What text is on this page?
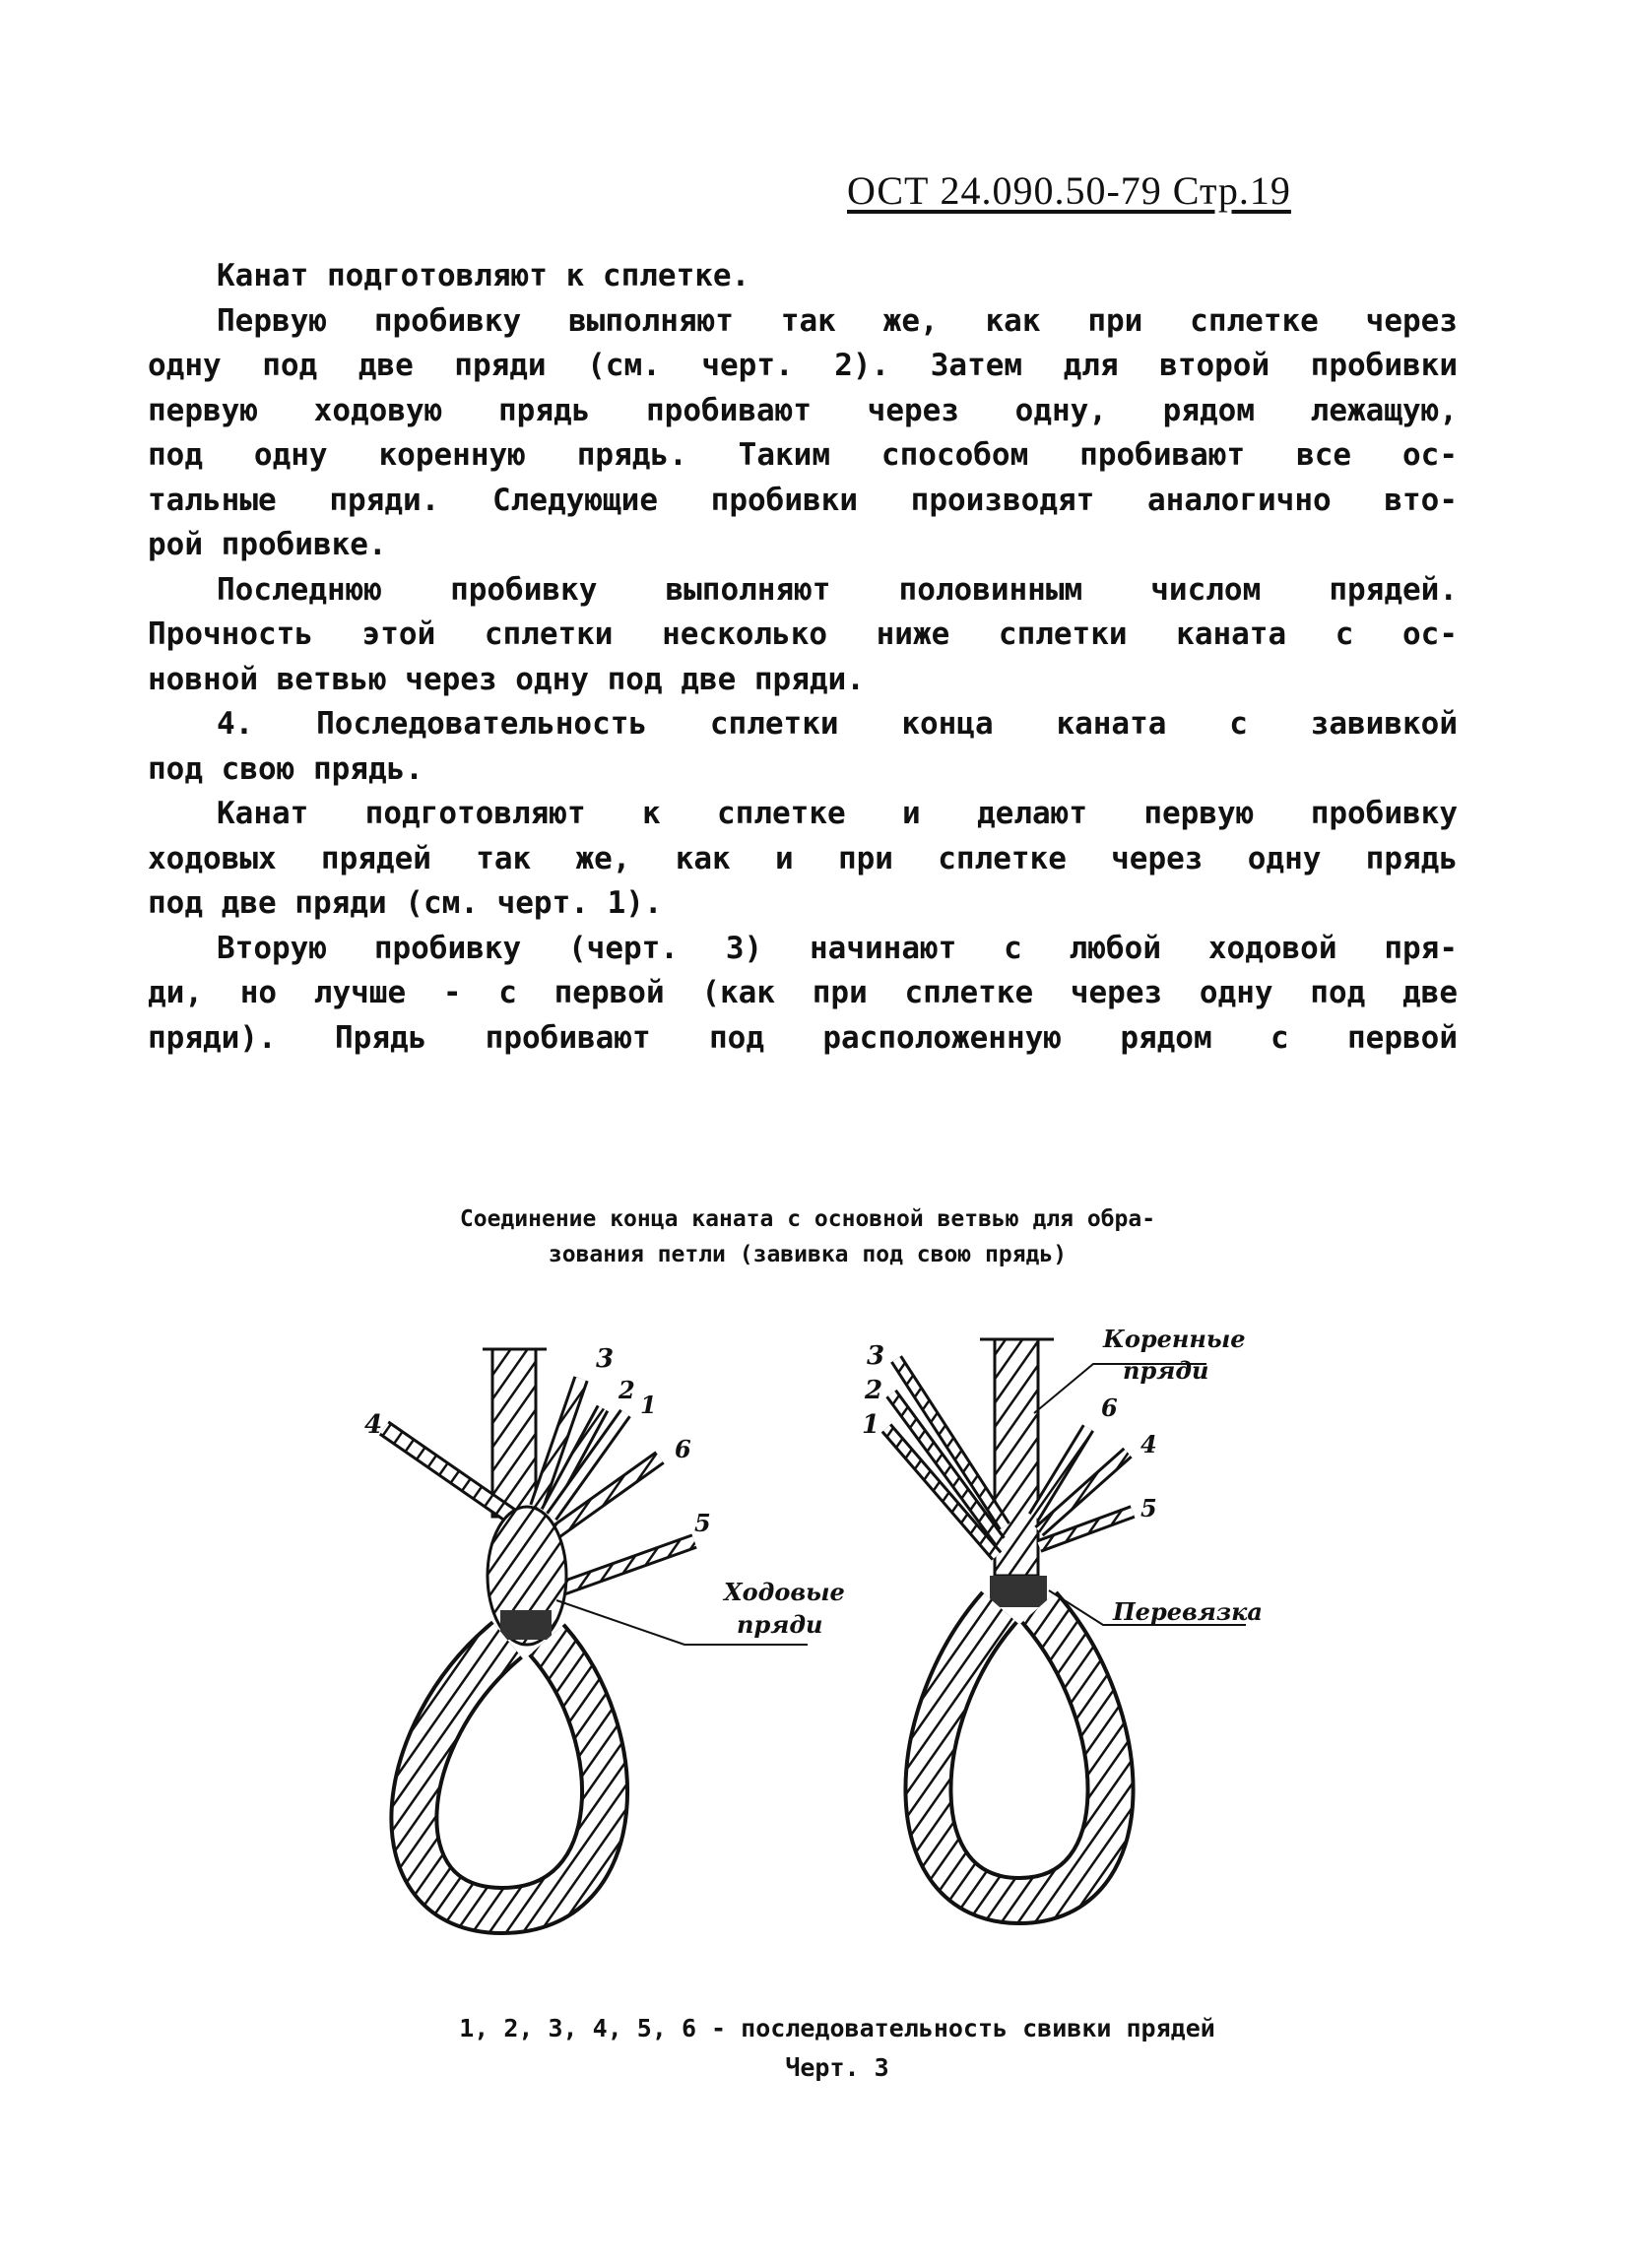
ОСТ 24.090.50-79 Стр.19
Канат подготовляют к сплетке.
Первую пробивку выполняют так же, как при сплетке через
одну под две пряди (см. черт. 2). Затем для второй пробивки
первую ходовую прядь пробивают через одну, рядом лежащую,
под одну коренную прядь. Таким способом пробивают все ос-
тальные пряди. Следующие пробивки производят аналогично вто-
рой пробивке.
Последнюю пробивку выполняют половинным числом прядей.
Прочность этой сплетки несколько ниже сплетки каната с ос-
новной ветвью через одну под две пряди.
4. Последовательность сплетки конца каната с завивкой
под свою прядь.
Канат подготовляют к сплетке и делают первую пробивку
ходовых прядей так же, как и при сплетке через одну прядь
под две пряди (см. черт. 1).
Вторую пробивку (черт. 3) начинают с любой ходовой пря-
ди, но лучше - с первой (как при сплетке через одну под две
пряди). Прядь пробивают под расположенную рядом с первой
Соединение конца каната с основной ветвью для обра-
зования петли (завивка под свою прядь)
4
3
2
1
6
5
Ходовые
пряди
3
2
1
6
4
5
Коренные
пряди
Перевязка
1, 2, 3, 4, 5, 6 - последовательность свивки прядей
Черт. 3
